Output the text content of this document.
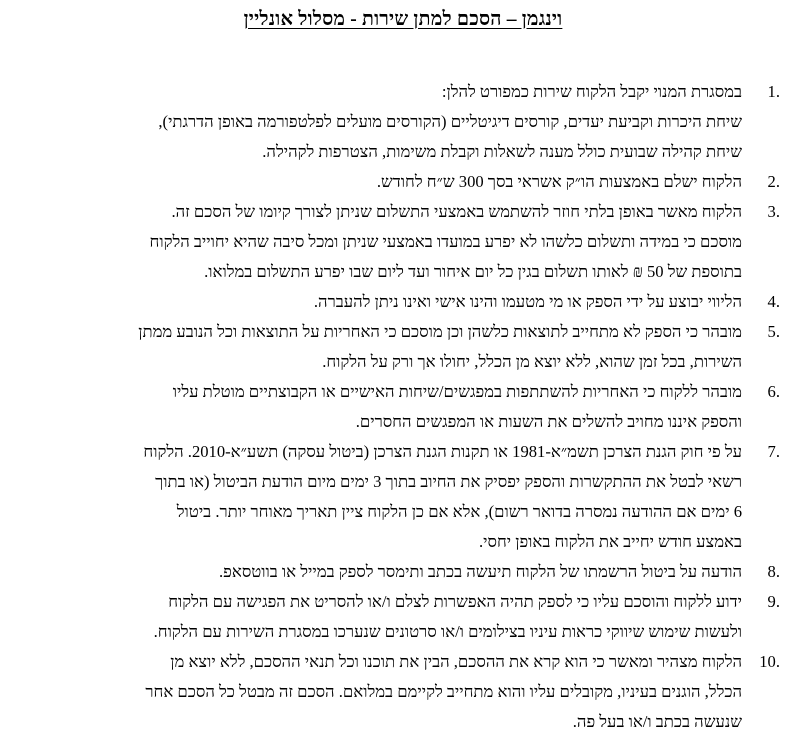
וינגמן – הסכם למתן שירות - מסלול אונליין
1.
במסגרת המנוי יקבל הלקוח שירות כמפורט להלן:
שיחת היכרות וקביעת יעדים, קורסים דיגיטליים (הקורסים מועלים לפלטפורמה באופן הדרגתי),
שיחת קהילה שבועית כולל מענה לשאלות וקבלת משימות, הצטרפות לקהילה.
2.
הלקוח ישלם באמצעות הו״ק אשראי בסך 300 ש״ח לחודש.
3.
הלקוח מאשר באופן בלתי חוזר להשתמש באמצעי התשלום שניתן לצורך קיומו של הסכם זה.
מוסכם כי במידה ותשלום כלשהו לא יפרע במועדו באמצעי שניתן ומכל סיבה שהיא יחוייב הלקוח
בתוספת של 50 ₪ לאותו תשלום בגין כל יום איחור ועד ליום שבו יפרע התשלום במלואו.
4.
הליווי יבוצע על ידי הספק או מי מטעמו והינו אישי ואינו ניתן להעברה.
5.
מובהר כי הספק לא מתחייב לתוצאות כלשהן וכן מוסכם כי האחריות על התוצאות וכל הנובע ממתן
השירות, בכל זמן שהוא, ללא יוצא מן הכלל, יחולו אך ורק על הלקוח.
6.
מובהר ללקוח כי האחריות להשתתפות במפגשים/שיחות האישיים או הקבוצתיים מוטלת עליו
והספק איננו מחויב להשלים את השעות או המפגשים החסרים.
7.
על פי חוק הגנת הצרכן תשמ״א-1981 או תקנות הגנת הצרכן (ביטול עסקה) תשע״א-2010. הלקוח
רשאי לבטל את ההתקשרות והספק יפסיק את החיוב בתוך 3 ימים מיום הודעת הביטול (או בתוך
6 ימים אם ההודעה נמסרה בדואר רשום), אלא אם כן הלקוח ציין תאריך מאוחר יותר. ביטול
באמצע חודש יחייב את הלקוח באופן יחסי.
8.
הודעה על ביטול הרשמתו של הלקוח תיעשה בכתב ותימסר לספק במייל או בווטסאפ.
9.
ידוע ללקוח והוסכם עליו כי לספק תהיה האפשרות לצלם ו/או להסריט את הפגישה עם הלקוח
ולעשות שימוש שיווקי כראות עיניו בצילומים ו/או סרטונים שנערכו במסגרת השירות עם הלקוח.
10.
הלקוח מצהיר ומאשר כי הוא קרא את ההסכם, הבין את תוכנו וכל תנאי ההסכם, ללא יוצא מן
הכלל, הוגנים בעיניו, מקובלים עליו והוא מתחייב לקיימם במלואם. הסכם זה מבטל כל הסכם אחר
שנעשה בכתב ו/או בעל פה.
